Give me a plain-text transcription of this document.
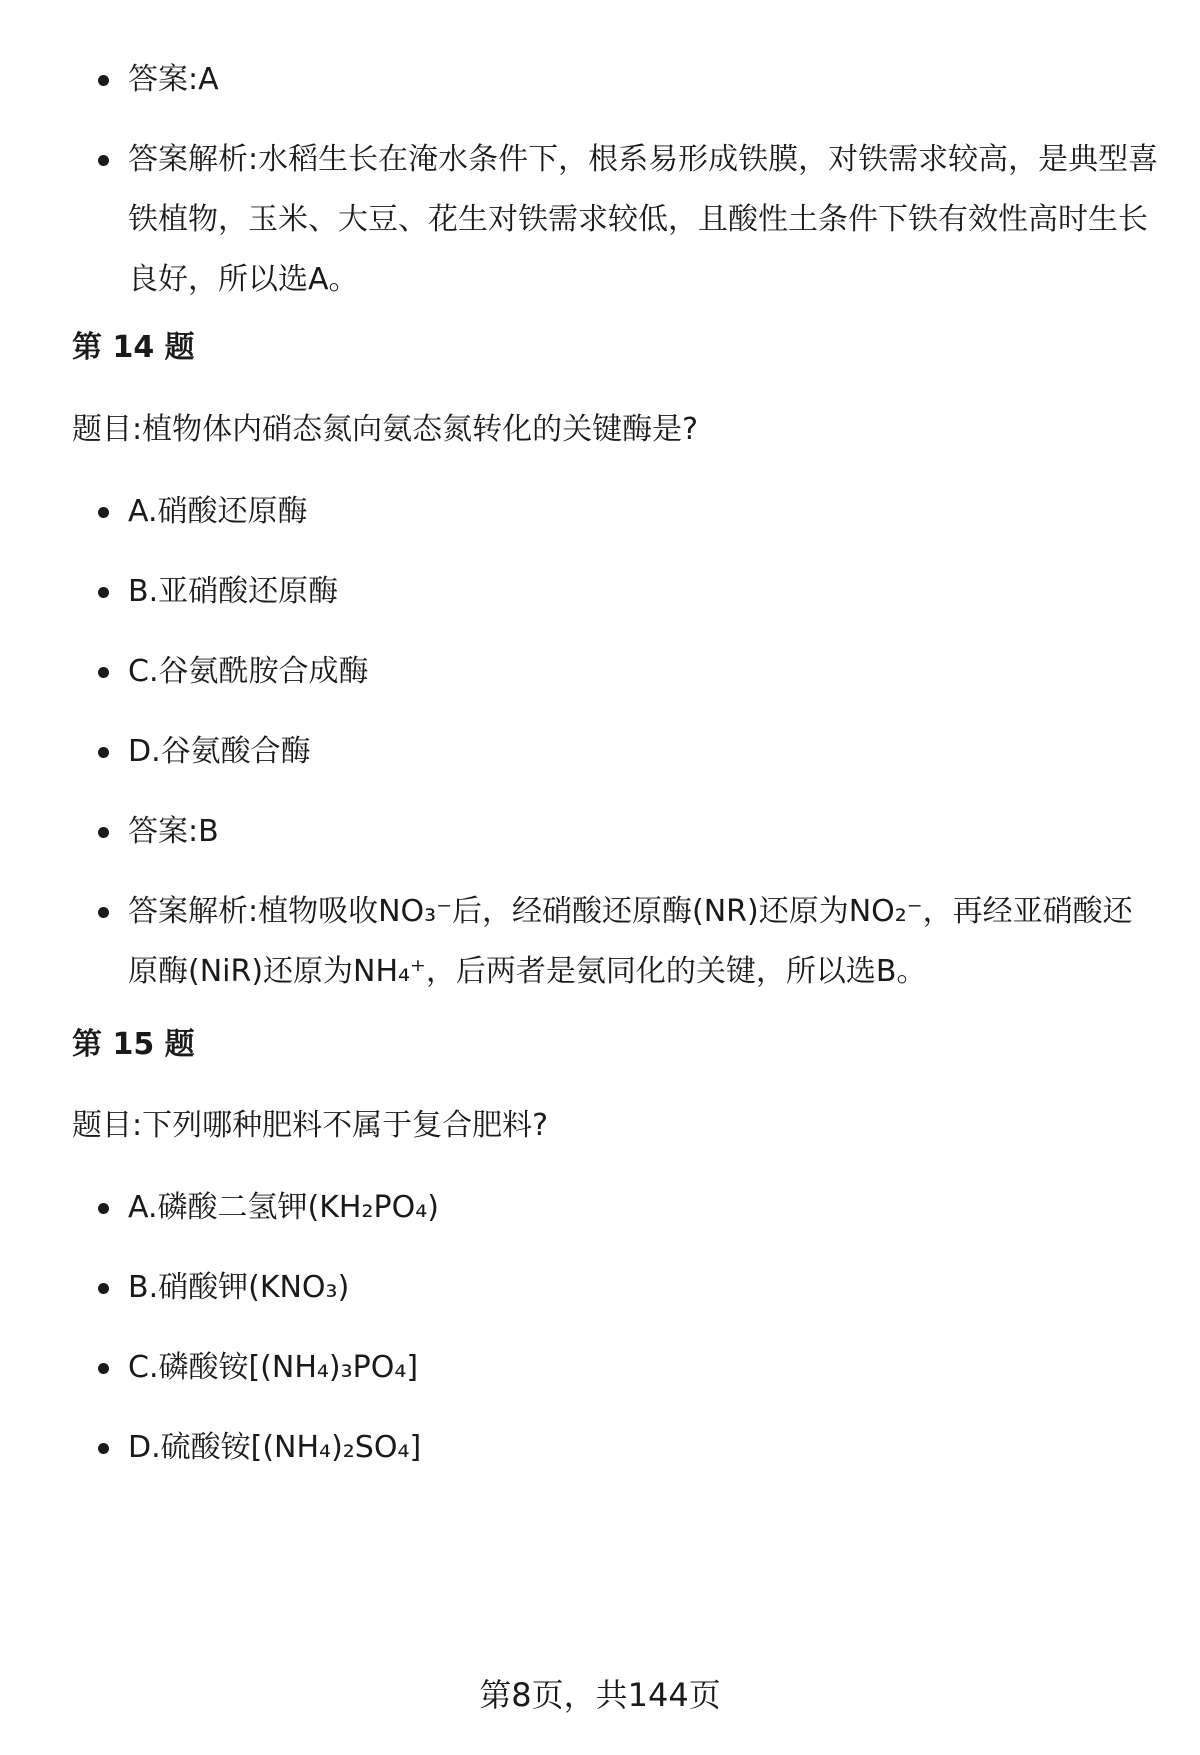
答案:A
答案解析:水稻生长在淹水条件下，根系易形成铁膜，对铁需求较高，是典型喜铁植物，玉米、大豆、花生对铁需求较低，且酸性土条件下铁有效性高时生长良好，所以选A。
第 14 题
题目:植物体内硝态氮向氨态氮转化的关键酶是?
A.硝酸还原酶
B.亚硝酸还原酶
C.谷氨酰胺合成酶
D.谷氨酸合酶
答案:B
答案解析:植物吸收NO₃⁻后，经硝酸还原酶(NR)还原为NO₂⁻，再经亚硝酸还原酶(NiR)还原为NH₄⁺，后两者是氨同化的关键，所以选B。
第 15 题
题目:下列哪种肥料不属于复合肥料?
A.磷酸二氢钾(KH₂PO₄)
B.硝酸钾(KNO₃)
C.磷酸铵[(NH₄)₃PO₄]
D.硫酸铵[(NH₄)₂SO₄]
第8页，共144页
